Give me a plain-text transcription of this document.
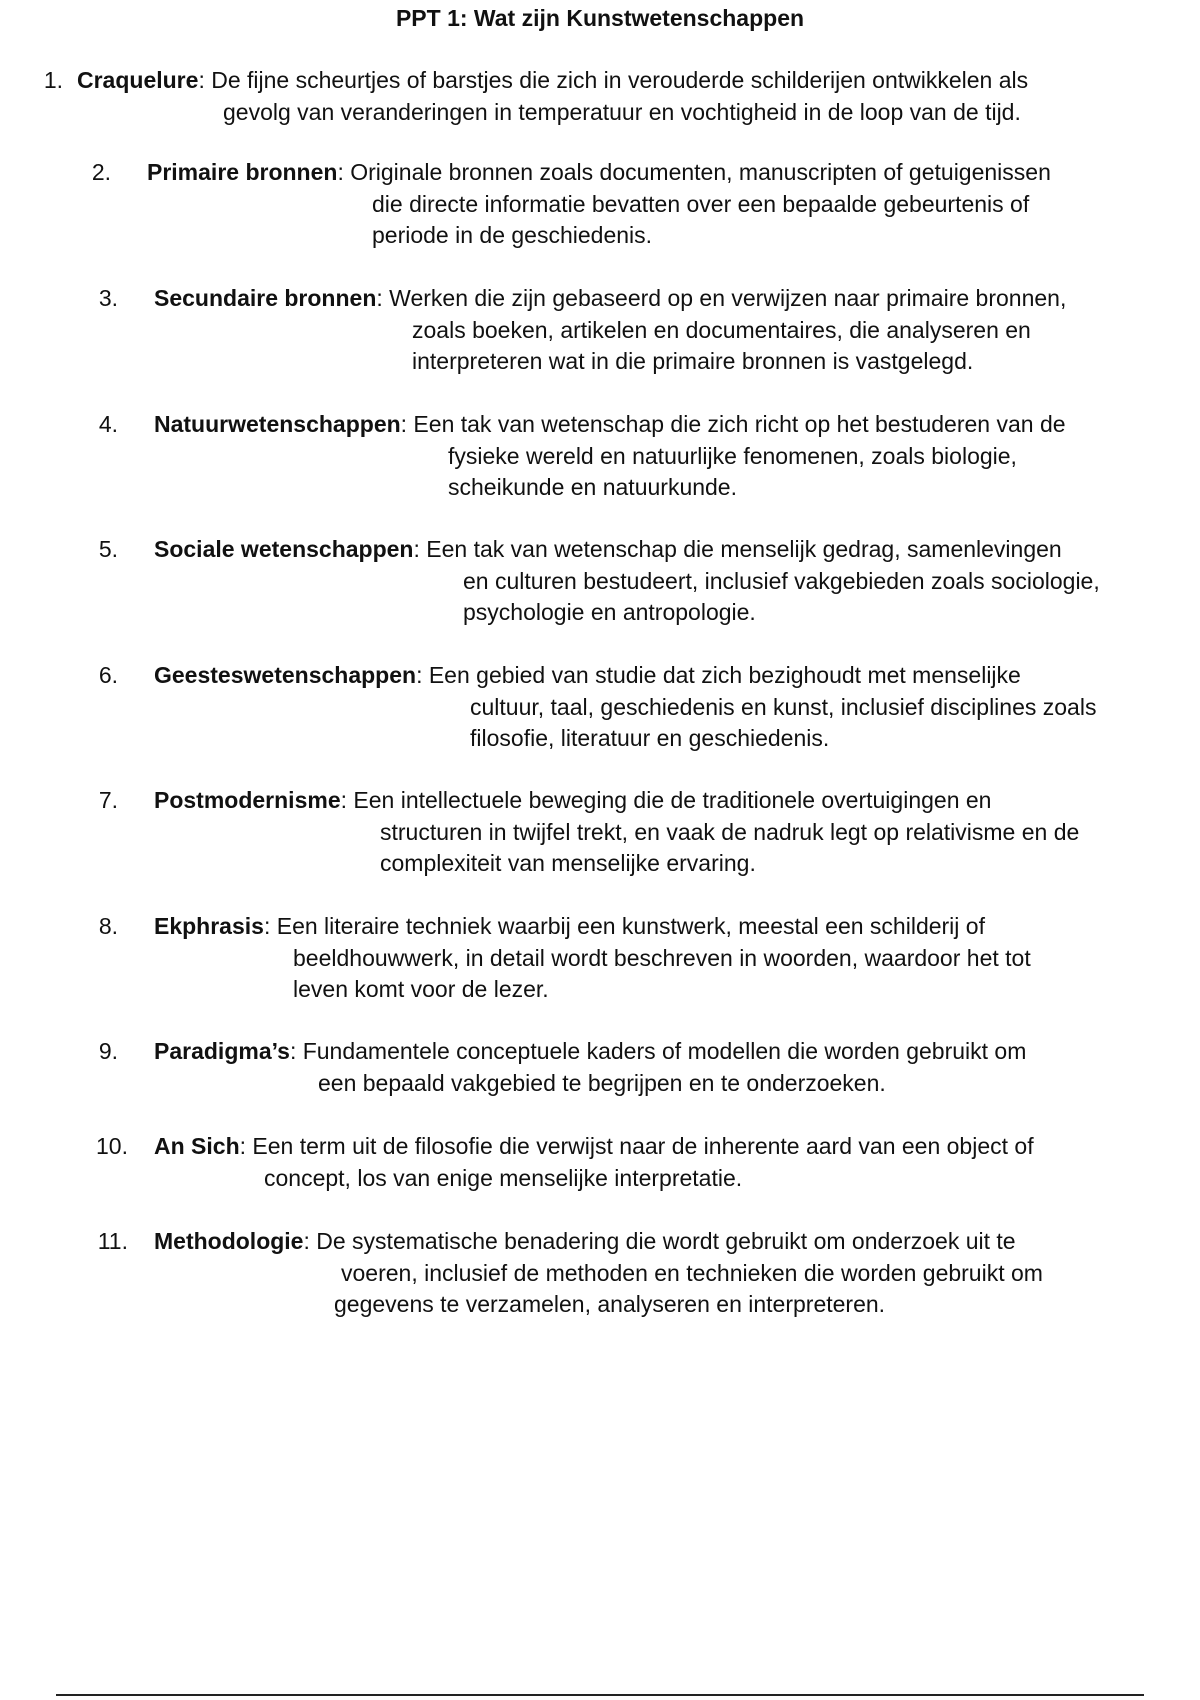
PPT 1: Wat zijn Kunstwetenschappen
1. Craquelure: De fijne scheurtjes of barstjes die zich in verouderde schilderijen ontwikkelen als
gevolg van veranderingen in temperatuur en vochtigheid in de loop van de tijd.
2. Primaire bronnen: Originale bronnen zoals documenten, manuscripten of getuigenissen
die directe informatie bevatten over een bepaalde gebeurtenis of
periode in de geschiedenis.
3. Secundaire bronnen: Werken die zijn gebaseerd op en verwijzen naar primaire bronnen,
zoals boeken, artikelen en documentaires, die analyseren en
interpreteren wat in die primaire bronnen is vastgelegd.
4. Natuurwetenschappen: Een tak van wetenschap die zich richt op het bestuderen van de
fysieke wereld en natuurlijke fenomenen, zoals biologie,
scheikunde en natuurkunde.
5. Sociale wetenschappen: Een tak van wetenschap die menselijk gedrag, samenlevingen
en culturen bestudeert, inclusief vakgebieden zoals sociologie,
psychologie en antropologie.
6. Geesteswetenschappen: Een gebied van studie dat zich bezighoudt met menselijke
cultuur, taal, geschiedenis en kunst, inclusief disciplines zoals
filosofie, literatuur en geschiedenis.
7. Postmodernisme: Een intellectuele beweging die de traditionele overtuigingen en
structuren in twijfel trekt, en vaak de nadruk legt op relativisme en de
complexiteit van menselijke ervaring.
8. Ekphrasis: Een literaire techniek waarbij een kunstwerk, meestal een schilderij of
beeldhouwwerk, in detail wordt beschreven in woorden, waardoor het tot
leven komt voor de lezer.
9. Paradigma’s: Fundamentele conceptuele kaders of modellen die worden gebruikt om
een bepaald vakgebied te begrijpen en te onderzoeken.
10. An Sich: Een term uit de filosofie die verwijst naar de inherente aard van een object of
concept, los van enige menselijke interpretatie.
11. Methodologie: De systematische benadering die wordt gebruikt om onderzoek uit te
voeren, inclusief de methoden en technieken die worden gebruikt om
gegevens te verzamelen, analyseren en interpreteren.
